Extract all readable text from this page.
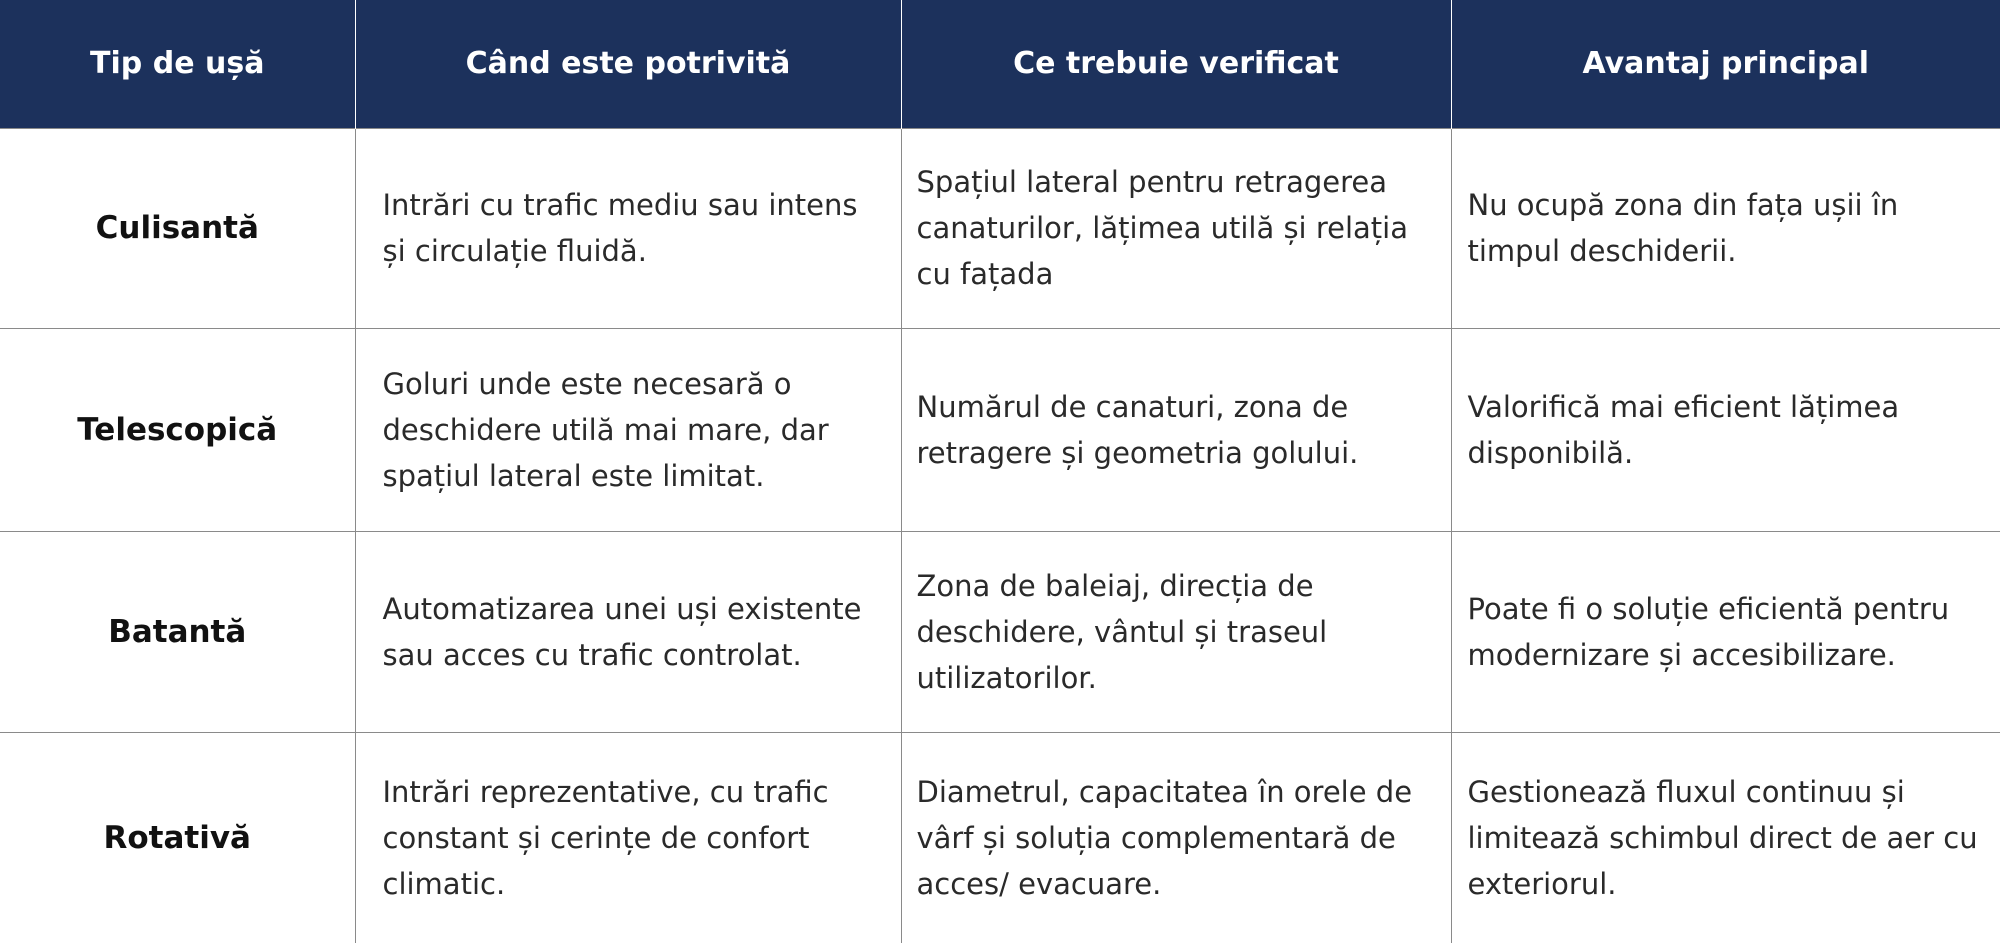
Tip de ușă	Când este potrivită	Ce trebuie verificat	Avantaj principal
Culisantă	Intrări cu trafic mediu sau intens și circulație fluidă.	Spațiul lateral pentru retragerea canaturilor, lățimea utilă și relația cu fațada	Nu ocupă zona din fața ușii în timpul deschiderii.
Telescopică	Goluri unde este necesară o deschidere utilă mai mare, dar spațiul lateral este limitat.	Numărul de canaturi, zona de retragere și geometria golului.	Valorifică mai eficient lățimea disponibilă.
Batantă	Automatizarea unei uși existente sau acces cu trafic controlat.	Zona de baleiaj, direcția de deschidere, vântul și traseul utilizatorilor.	Poate fi o soluție eficientă pentru modernizare și accesibilizare.
Rotativă	Intrări reprezentative, cu trafic constant și cerințe de confort climatic.	Diametrul, capacitatea în orele de vârf și soluția complementară de acces/ evacuare.	Gestionează fluxul continuu și limitează schimbul direct de aer cu exteriorul.
